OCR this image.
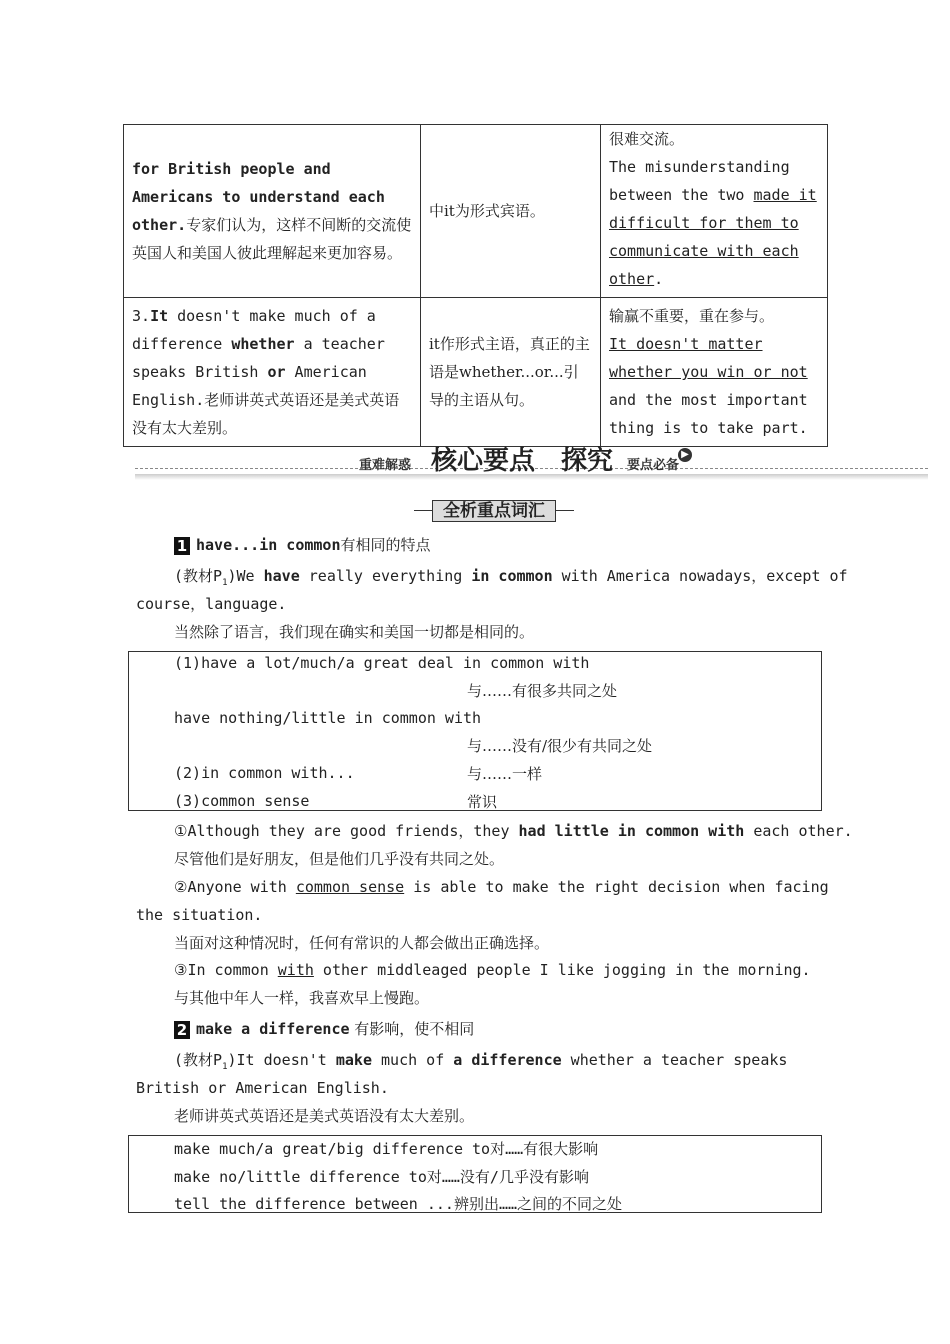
for British people and Americans to understand each other.专家们认为，这样不间断的交流使英国人和美国人彼此理解起来更加容易。	中it为形式宾语。	很难交流。
The misunderstanding between the two made it difficult for them to communicate with each other.
3.It doesn't make much of a difference whether a teacher speaks British or American English.老师讲英式英语还是美式英语没有太大差别。	it作形式主语，真正的主语是whether...or...引导的主语从句。	输赢不重要，重在参与。
It doesn't matter whether you win or not and the most important thing is to take part.
重难解惑 核心要点	▶
探究 要点必备
全析重点词汇
1 have...in common有相同的特点
(教材$P_1)We$ have really everything in common with America nowadays，except of
course，language.
当然除了语言，我们现在确实和美国一切都是相同的。
(1)have a lot/much/a great deal in common with
与……有很多共同之处
have nothing/little in common with
与……没有/很少有共同之处
(2)in common with...	与……一样
(3)common sense	常识
①Although they are good friends，they had little in common with each other.
尽管他们是好朋友，但是他们几乎没有共同之处。
②Anyone with common sense is able to make the right decision when facing
the situation.
当面对这种情况时，任何有常识的人都会做出正确选择。
③In common with other middleaged people I like jogging in the morning.
与其他中年人一样，我喜欢早上慢跑。
2 make a difference 有影响，使不相同
(教材$P_1)It$ doesn't make much of a difference whether a teacher speaks
British or American English.
老师讲英式英语还是美式英语没有太大差别。
make much/a great/big difference to对……有很大影响
make no/little difference to对……没有/几乎没有影响
tell the difference between ...辨别出……之间的不同之处
